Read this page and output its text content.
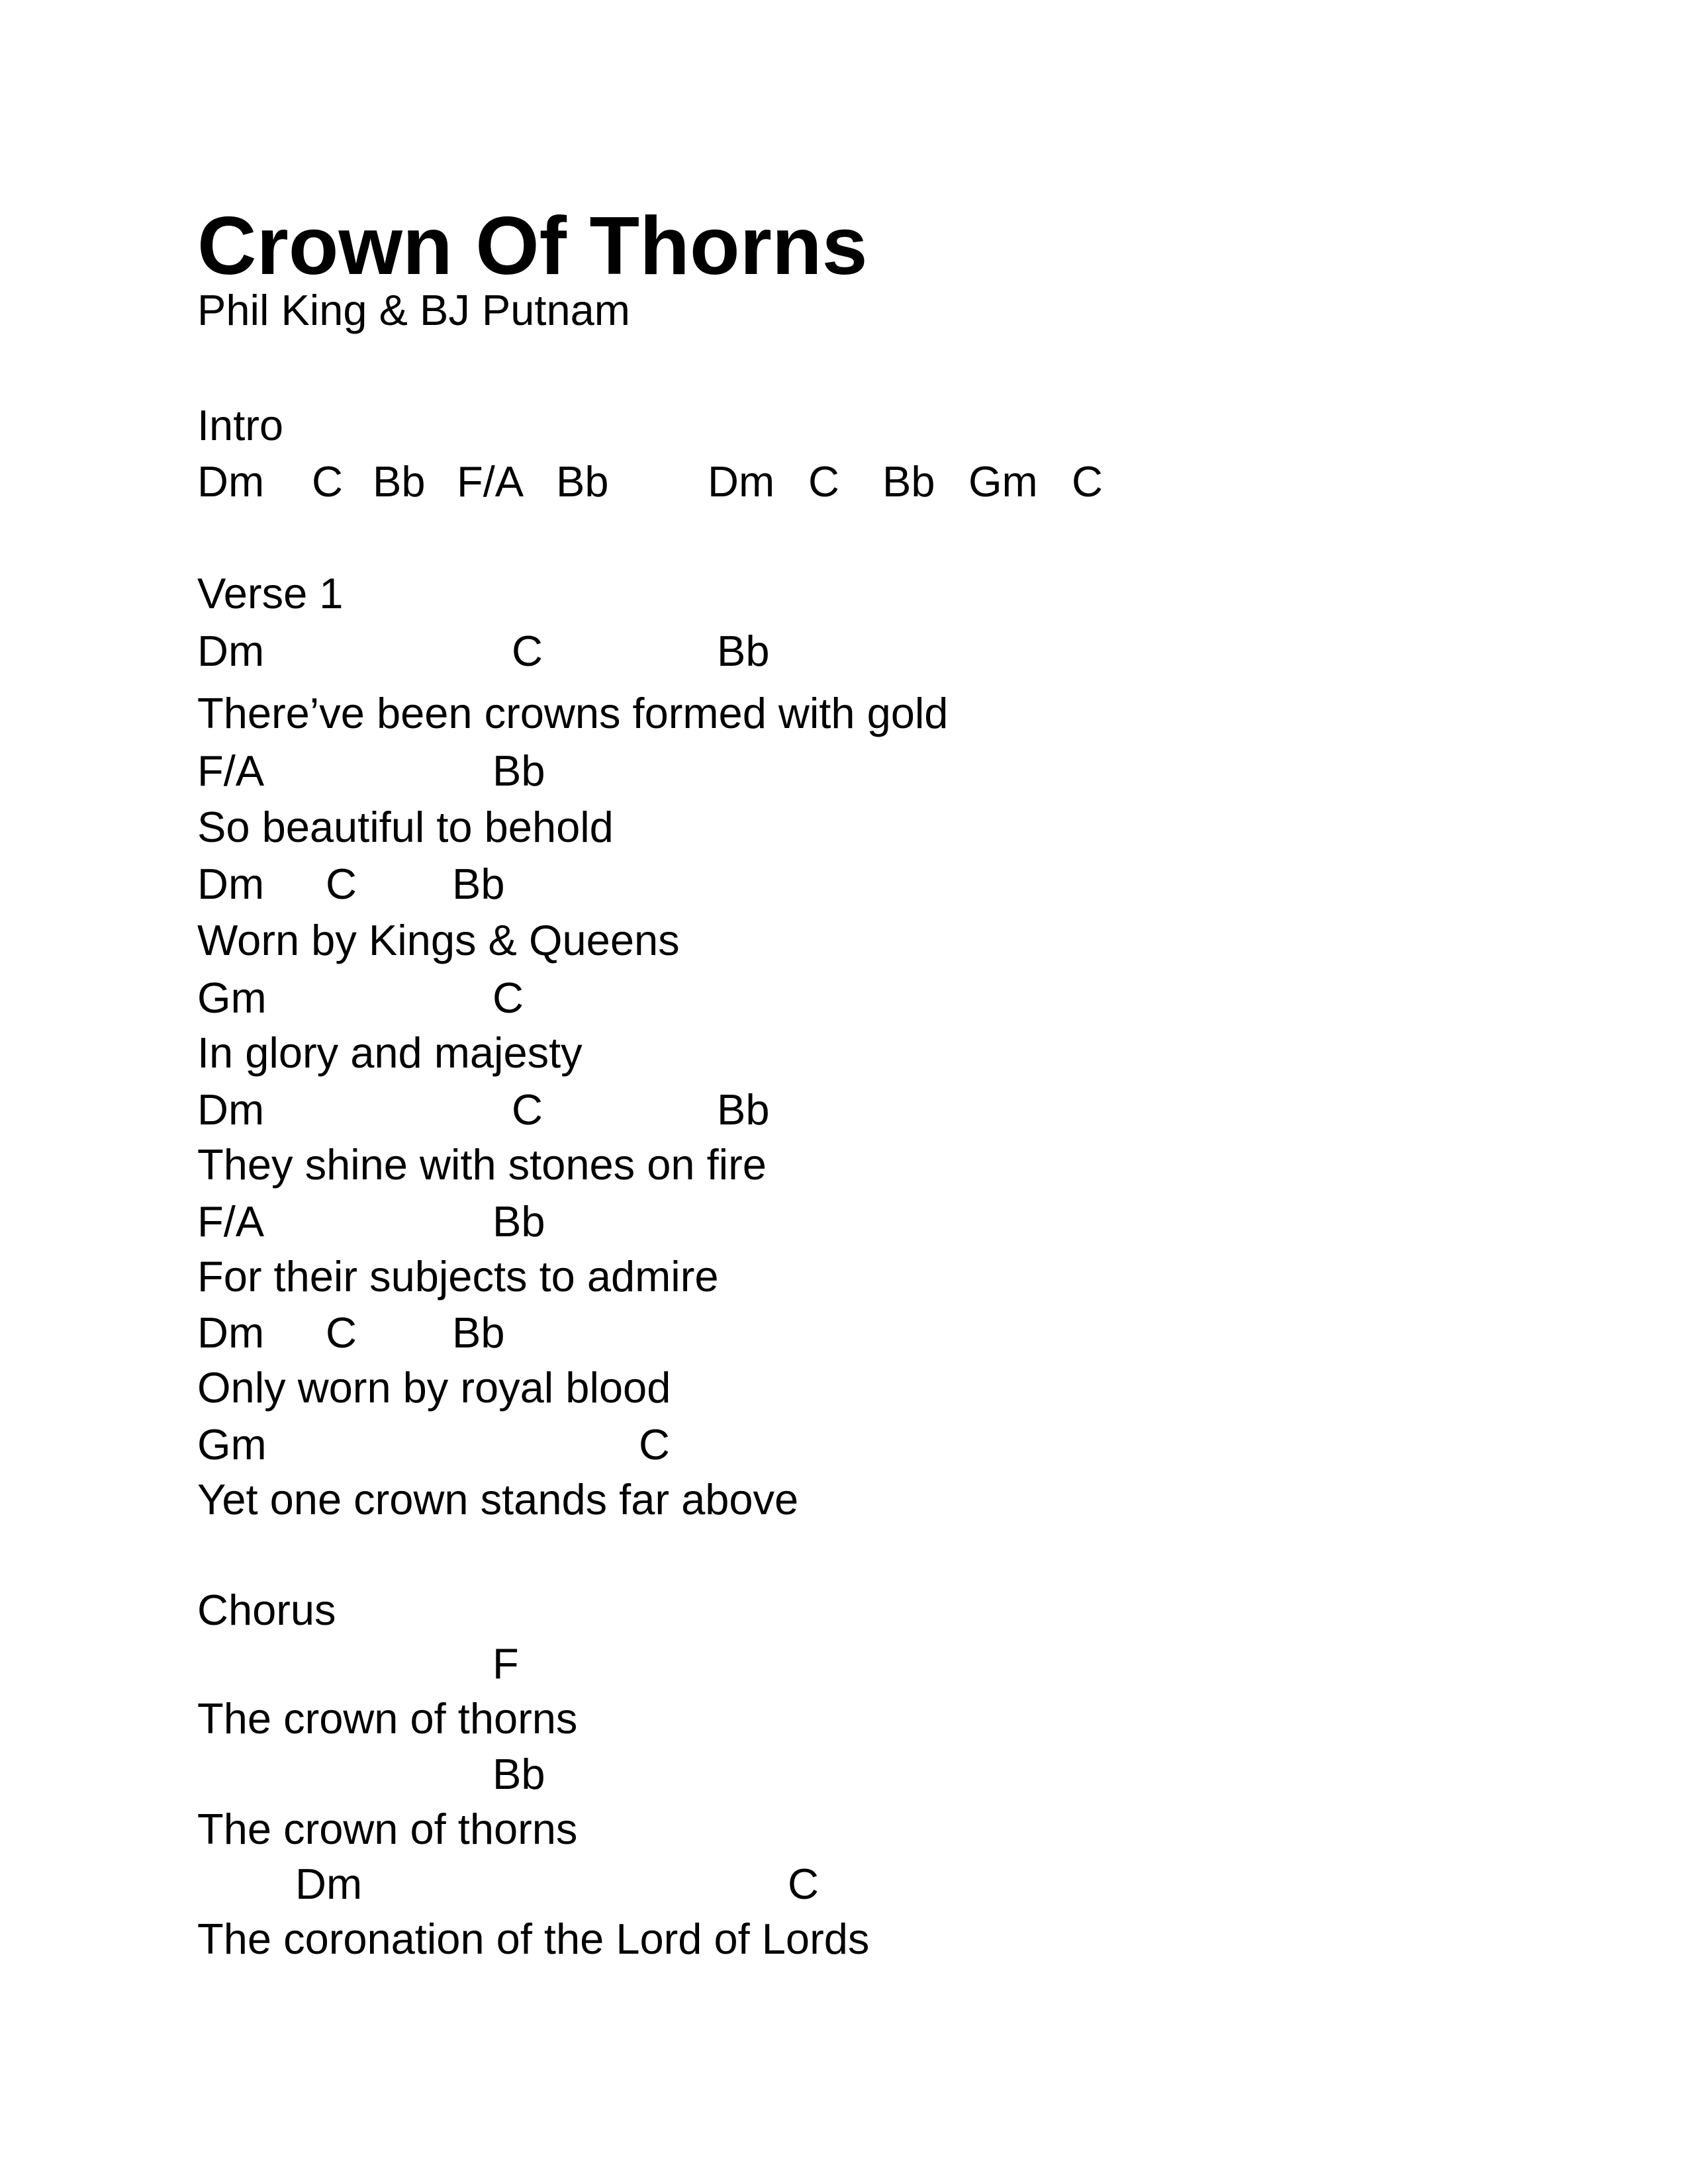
Crown Of Thorns
Phil King & BJ Putnam
Intro
Dm C Bb F/A Bb Dm C Bb Gm C
Verse 1
Dm	C	Bb
There’ve been crowns formed with gold
F/A	Bb
So beautiful to behold
Dm C Bb
Worn by Kings & Queens
Gm	C
In glory and majesty
Dm	C	Bb
They shine with stones on fire
F/A	Bb
For their subjects to admire
Dm C Bb
Only worn by royal blood
Gm	C
Yet one crown stands far above
Chorus
F
The crown of thorns
Bb
The crown of thorns
Dm	C
The coronation of the Lord of Lords
